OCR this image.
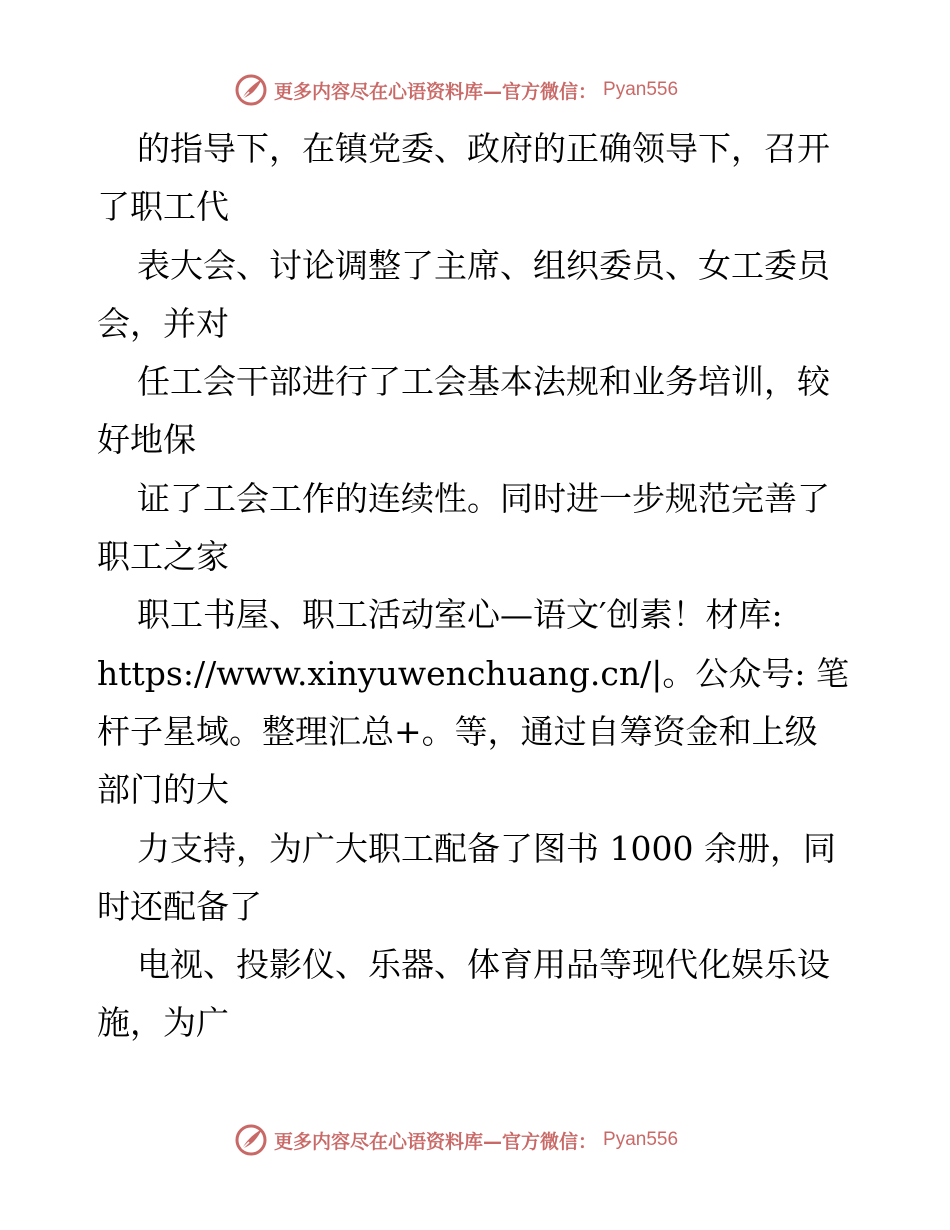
更多内容尽在心语资料库—官方微信： Pyan556
的指导下，在镇党委、政府的正确领导下，召开
了职工代
表大会、讨论调整了主席、组织委员、女工委员
会，并对
任工会干部进行了工会基本法规和业务培训，较
好地保
证了工会工作的连续性。同时进一步规范完善了
职工之家
职工书屋、职工活动室心—语文′创素！材库:
https://www.xinyuwenchuang.cn/|。公众号: 笔
杆子星域。整理汇总+。等，通过自筹资金和上级
部门的大
力支持，为广大职工配备了图书 1000 余册，同
时还配备了
电视、投影仪、乐器、体育用品等现代化娱乐设
施，为广
更多内容尽在心语资料库—官方微信： Pyan556
